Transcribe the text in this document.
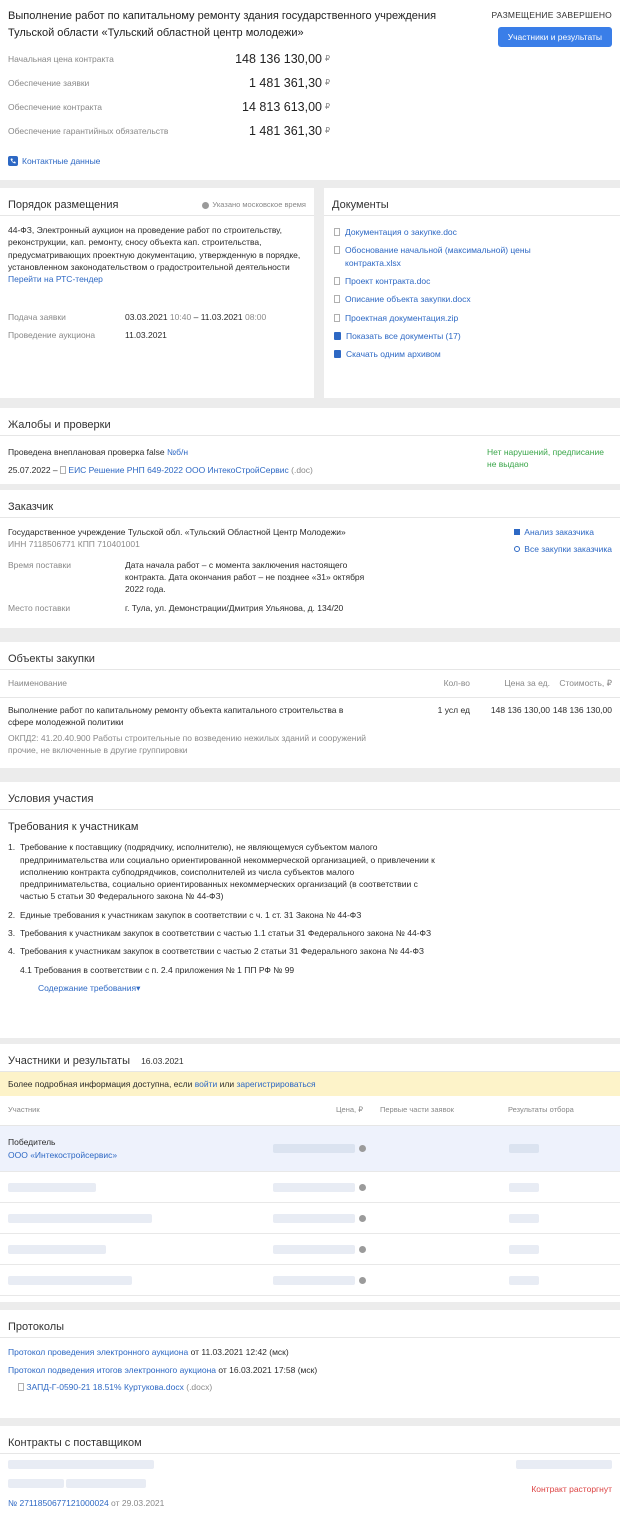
Выполнение работ по капитальному ремонту здания государственного учреждения Тульской области «Тульский областной центр молодежи»
РАЗМЕЩЕНИЕ ЗАВЕРШЕНО
Участники и результаты
Начальная цена контракта	148 136 130,00 ₽
Обеспечение заявки	1 481 361,30 ₽
Обеспечение контракта	14 813 613,00 ₽
Обеспечение гарантийных обязательств	1 481 361,30 ₽
Контактные данные
Порядок размещения	Указано московское время
44-ФЗ, Электронный аукцион на проведение работ по строительству, реконструкции, кап. ремонту, сносу объекта кап. строительства, предусматривающих проектную документацию, утвержденную в порядке, установленном законодательством о градостроительной деятельности
Перейти на РТС-тендер
Подача заявки	03.03.2021 10:40 – 11.03.2021 08:00
Проведение аукциона	11.03.2021
Документы
Документация о закупке.doc
Обоснование начальной (максимальной) цены контракта.xlsx
Проект контракта.doc
Описание объекта закупки.docx
Проектная документация.zip
Показать все документы (17)
Скачать одним архивом
Жалобы и проверки
Проведена внеплановая проверка false №б/н
25.07.2022 – ЕИС Решение РНП 649-2022 ООО ИнтекоСтройСервис (.doc)
Нет нарушений, предписание не выдано
Заказчик
Государственное учреждение Тульской обл. «Тульский Областной Центр Молодежи»
ИНН 7118506771 КПП 710401001
Анализ заказчика
Все закупки заказчика
Время поставки	Дата начала работ – с момента заключения настоящего контракта. Дата окончания работ – не позднее «31» октября 2022 года.
Место поставки	г. Тула, ул. Демонстрации/Дмитрия Ульянова, д. 134/20
Объекты закупки
Наименование	Кол-во	Цена за ед.	Стоимость, ₽
Выполнение работ по капитальному ремонту объекта капитального строительства в сфере молодежной политики
ОКПД2: 41.20.40.900 Работы строительные по возведению нежилых зданий и сооружений прочие, не включенные в другие группировки
1 усл ед	148 136 130,00 148 136 130,00
Условия участия
Требования к участникам
1. Требование к поставщику (подрядчику, исполнителю), не являющемуся субъектом малого предпринимательства или социально ориентированной некоммерческой организацией, о привлечении к исполнению контракта субподрядчиков, соисполнителей из числа субъектов малого предпринимательства, социально ориентированных некоммерческих организаций (в соответствии с частью 5 статьи 30 Федерального закона № 44-ФЗ)
2. Единые требования к участникам закупок в соответствии с ч. 1 ст. 31 Закона № 44-ФЗ
3. Требования к участникам закупок в соответствии с частью 1.1 статьи 31 Федерального закона № 44-ФЗ
4. Требования к участникам закупок в соответствии с частью 2 статьи 31 Федерального закона № 44-ФЗ
4.1 Требования в соответствии с п. 2.4 приложения № 1 ПП РФ № 99
Содержание требования▾
Участники и результаты 16.03.2021
Более подробная информация доступна, если
войти
или
зарегистрироваться
Участник	Цена, ₽	Первые части заявок	Результаты отбора
Победитель
ООО «Интекостройсервис»
Протоколы
Протокол проведения электронного аукциона от 11.03.2021 12:42 (мск)
Протокол подведения итогов электронного аукциона от 16.03.2021 17:58 (мск)
ЗАПД-Г-0590-21 18.51% Куртукова.docx (.docx)
Контракты с поставщиком

№ 2711850677121000024 от 29.03.2021
Контракт расторгнут
